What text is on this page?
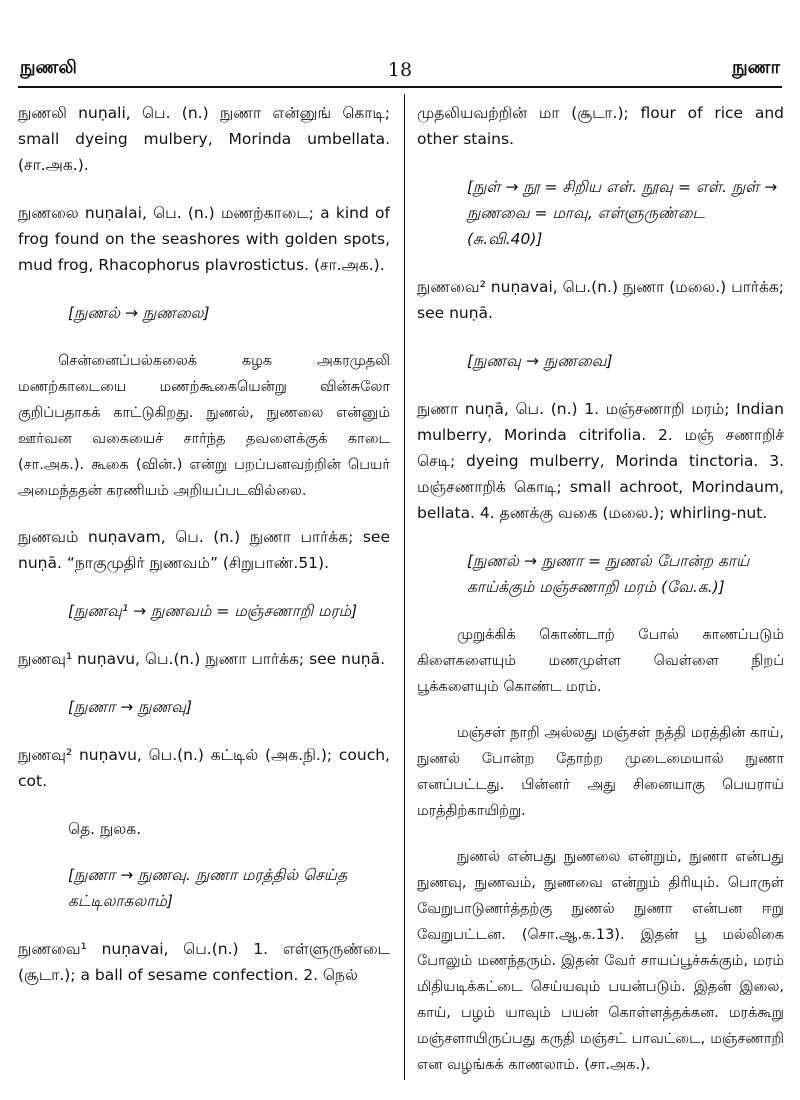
நுணலி	18	நுணா
நுணலி nuṇali, பெ. (n.) நுணா என்னுங் கொடி; small dyeing mulbery, Morinda umbellata. (சா.அக.).
நுணலை nuṇalai, பெ. (n.) மணற்காடை; a kind of frog found on the seashores with golden spots, mud frog, Rhacophorus plavrostictus. (சா.அக.).
[நுணல் → நுணலை]
சென்னைப்பல்கலைக் கழக அகரமுதலி மணற்காடையை மணற்கூகையென்று வின்சுலோ குறிப்பதாகக் காட்டுகிறது. நுணல், நுணலை என்னும் ஊர்வன வகையைச் சார்ந்த தவளைக்குக் காடை (சா.அக.). கூகை (வின்.) என்று பறப்பனவற்றின் பெயர் அமைந்ததன் கரணியம் அறியப்படவில்லை.
நுணவம் nuṇavam, பெ. (n.) நுணா பார்க்க; see nuṇā. “நாகுமுதிர் நுணவம்” (சிறுபாண்.51).
[நுணவு¹ → நுணவம் = மஞ்சணாறி மரம்]
நுணவு¹ nuṇavu, பெ.(n.) நுணா பார்க்க; see nuṇā.
[நுணா → நுணவு]
நுணவு² nuṇavu, பெ.(n.) கட்டில் (அக.நி.); couch, cot.
தெ. நுலக.
[நுணா → நுணவு. நுணா மரத்தில் செய்த கட்டிலாகலாம்]
நுணவை¹ nuṇavai, பெ.(n.) 1. எள்ளுருண்டை (சூடா.); a ball of sesame confection. 2. நெல்
முதலியவற்றின் மா (சூடா.); flour of rice and other stains.
[நுள் → நூ = சிறிய எள். நூவு = எள். நுள் → நுணவை = மாவு, எள்ளுருண்டை (சு.வி.40)]
நுணவை² nuṇavai, பெ.(n.) நுணா (மலை.) பார்க்க; see nuṇā.
[நுணவு → நுணவை]
நுணா nuṇā, பெ. (n.) 1. மஞ்சணாறி மரம்; Indian mulberry, Morinda citrifolia. 2. மஞ் சணாறிச் செடி; dyeing mulberry, Morinda tinctoria. 3. மஞ்சணாறிக் கொடி; small achroot, Morindaum, bellata. 4. தணக்கு வகை (மலை.); whirling-nut.
[நுணல் → நுணா = நுணல் போன்ற காய் காய்க்கும் மஞ்சணாறி மரம் (வே.க.)]
முறுக்கிக் கொண்டாற் போல் காணப்படும் கிளைகளையும் மணமுள்ள வெள்ளை நிறப் பூக்களையும் கொண்ட மரம்.
மஞ்சள் நாறி அல்லது மஞ்சள் நத்தி மரத்தின் காய், நுணல் போன்ற தோற்ற முடைமையால் நுணா எனப்பட்டது. பின்னர் அது சினையாகு பெயராய் மரத்திற்காயிற்று.
நுணல் என்பது நுணலை என்றும், நுணா என்பது நுணவு, நுணவம், நுணவை என்றும் திரியும். பொருள் வேறுபாடுணர்த்தற்கு நுணல் நுணா என்பன ஈறு வேறுபட்டன. (சொ.ஆ.க.13). இதன் பூ மல்லிகை போலும் மணந்தரும். இதன் வேர் சாயப்பூச்சுக்கும், மரம் மிதியடிக்கட்டை செய்யவும் பயன்படும். இதன் இலை, காய், பழம் யாவும் பயன் கொள்ளத்தக்கன. மரக்கூறு மஞ்சளாயிருப்பது கருதி மஞ்சட் பாவட்டை, மஞ்சணாறி என வழங்கக் காணலாம். (சா.அக.).
